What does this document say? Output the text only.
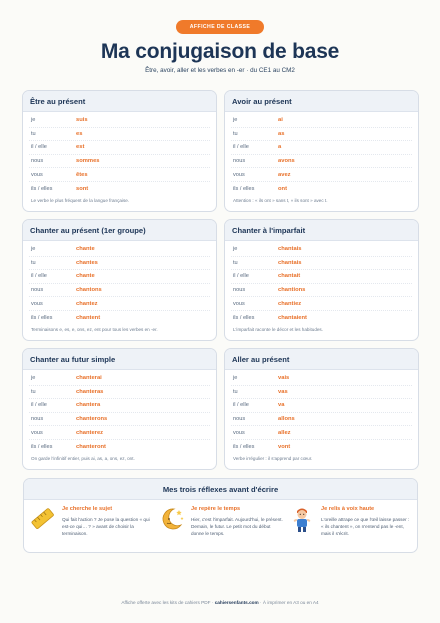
AFFICHE DE CLASSE
Ma conjugaison de base
Être, avoir, aller et les verbes en -er · du CE1 au CM2
Être au présent
je	suis
tu	es
il / elle	est
nous	sommes
vous	êtes
ils / elles	sont
Le verbe le plus fréquent de la langue française.
Avoir au présent
je	ai
tu	as
il / elle	a
nous	avons
vous	avez
ils / elles	ont
Attention : « ils ont » sans t, « ils sont » avec t.
Chanter au présent (1er groupe)
je	chante
tu	chantes
il / elle	chante
nous	chantons
vous	chantez
ils / elles	chantent
Terminaisons e, es, e, ons, ez, ent pour tous les verbes en -er.
Chanter à l'imparfait
je	chantais
tu	chantais
il / elle	chantait
nous	chantions
vous	chantiez
ils / elles	chantaient
L'imparfait raconte le décor et les habitudes.
Chanter au futur simple
je	chanterai
tu	chanteras
il / elle	chantera
nous	chanterons
vous	chanterez
ils / elles	chanteront
On garde l'infinitif entier, puis ai, as, a, ons, ez, ont.
Aller au présent
je	vais
tu	vas
il / elle	va
nous	allons
vous	allez
ils / elles	vont
Verbe irrégulier : il s'apprend par cœur.
Mes trois réflexes avant d'écrire
Je cherche le sujet
Qui fait l'action ? Je pose la question « qui est-ce qui… ? » avant de choisir la terminaison.
Je repère le temps
Hier, c'est l'imparfait. Aujourd'hui, le présent. Demain, le futur. Le petit mot du début donne le temps.
Je relis à voix haute
L'oreille attrape ce que l'œil laisse passer : « ils chantent », on n'entend pas le -ent, mais il s'écrit.
Affiche offerte avec les kits de cahiers PDF · cahiersenfants.com · À imprimer en A3 ou en A4
